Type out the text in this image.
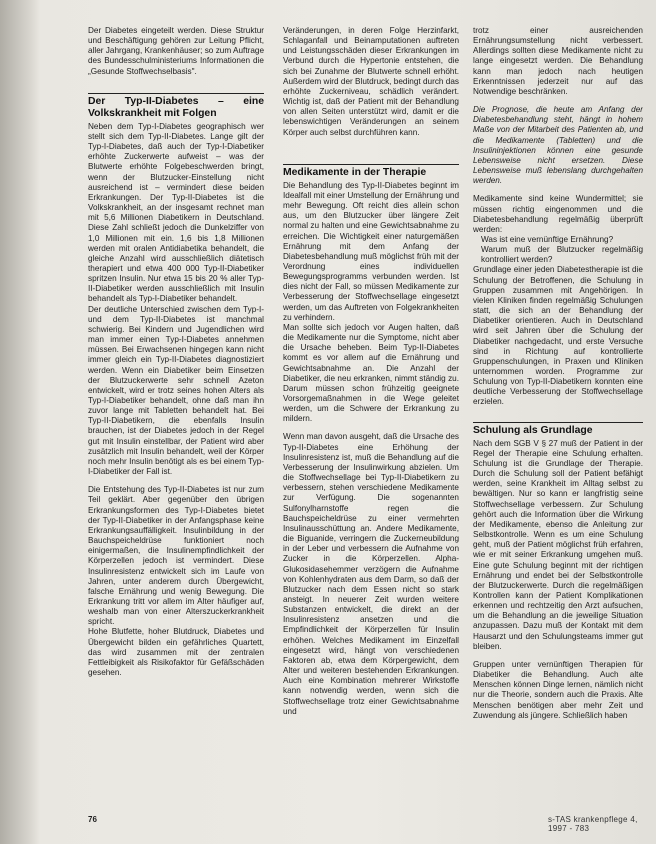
Der Diabetes eingeteilt werden. Diese Struktur und Beschäftigung gehören zur Leitung Pflicht, aller Jahrgang, Krankenhäuser; so zum Auftrage des Bundesschulministeriums Informationen die „Gesunde Stoffwechselbasis".

Der Typ-II-Diabetes – eine Volkskrankheit mit Folgen

Neben dem Typ-I-Diabetes geographisch wer stellt sich dem Typ-II-Diabetes. Lange gilt der Typ-I-Diabetes, daß auch der Typ-I-Diabetiker erhöhte Zuckerwerte aufweist – was der Blutwerte erhöhte Folgebeschwerden bringt, wenn der Blutzucker-Einstellung nicht ausreichend ist – vermindert diese beiden Erkrankungen. Der Typ-II-Diabetes ist die Volkskrankheit, an der insgesamt rechnet man mit 5,6 Millionen Diabetikern in Deutschland. Diese Zahl schließt jedoch die Dunkelziffer von 1,0 Millionen mit ein. 1,6 bis 1,8 Millionen werden mit oralen Antidiabetika behandelt, die gleiche Anzahl wird ausschließlich diätetisch therapiert und etwa 400 000 Typ-II-Diabetiker spritzen Insulin. Nur etwa 15 bis 20 % aller Typ-II-Diabetiker werden ausschließlich mit Insulin behandelt als Typ-I-Diabetiker behandelt.

Der deutliche Unterschied zwischen dem Typ-I- und dem Typ-II-Diabetes ist manchmal schwierig. Bei Kindern und Jugendlichen wird man immer einen Typ-I-Diabetes annehmen müssen. Bei Erwachsenen hingegen kann nicht immer gleich ein Typ-II-Diabetes diagnostiziert werden. Wenn ein Diabetiker beim Einsetzen der Blutzuckerwerte sehr schnell Azeton entwickelt, wird er trotz seines hohen Alters als Typ-I-Diabetiker behandelt, ohne daß man ihn zuvor lange mit Tabletten behandelt hat. Bei Typ-II-Diabetikern, die ebenfalls Insulin brauchen, ist der Diabetes jedoch in der Regel gut mit Insulin einstellbar, der Patient wird aber zusätzlich mit Insulin behandelt, weil der Körper noch mehr Insulin benötigt als es bei einem Typ-I-Diabetiker der Fall ist.

Die Entstehung des Typ-II-Diabetes ist nur zum Teil geklärt. Aber gegenüber den übrigen Erkrankungsformen des Typ-I-Diabetes bietet der Typ-II-Diabetiker in der Anfangsphase keine Erkrankungsauffälligkeit. Insulinbildung in der Bauchspeicheldrüse funktioniert noch einigermaßen, die Insulinempfindlichkeit der Körperzellen jedoch ist vermindert. Diese Insulinresistenz entwickelt sich im Laufe von Jahren, unter anderem durch Übergewicht, falsche Ernährung und wenig Bewegung. Die Erkrankung tritt vor allem im Alter häufiger auf, weshalb man von einer Alterszuckerkrankheit spricht.

Hohe Blutfette, hoher Blutdruck, Diabetes und Übergewicht bilden ein gefährliches Quartett, das wird zusammen mit der zentralen Fettleibigkeit als Risikofaktor für Gefäßschäden gesehen.

Veränderungen, in deren Folge Herzinfarkt, Schlaganfall und Beinamputationen auftreten und Leistungsschäden dieser Erkrankungen im Verbund durch die Hypertonie entstehen, die sich bei Zunahme der Blutwerte schnell erhöht. Außerdem wird der Blutdruck, bedingt durch das erhöhte Zuckerniveau, schädlich verändert. Wichtig ist, daß der Patient mit der Behandlung von allen Seiten unterstützt wird, damit er die lebenswichtigen Veränderungen an seinem Körper auch selbst durchführen kann.

Medikamente in der Therapie

Die Behandlung des Typ-II-Diabetes beginnt im Idealfall mit einer Umstellung der Ernährung und mehr Bewegung. Oft reicht dies allein schon aus, um den Blutzucker über längere Zeit normal zu halten und eine Gewichtsabnahme zu erreichen. Die Wichtigkeit einer naturgemäßen Ernährung mit dem Anfang der Diabetesbehandlung muß möglichst früh mit der Verordnung eines individuellen Bewegungsprogramms verbunden werden. Ist dies nicht der Fall, so müssen Medikamente zur Verbesserung der Stoffwechsellage eingesetzt werden, um das Auftreten von Folgekrankheiten zu verhindern.

Man sollte sich jedoch vor Augen halten, daß die Medikamente nur die Symptome, nicht aber die Ursache beheben. Beim Typ-II-Diabetes kommt es vor allem auf die Ernährung und Gewichtsabnahme an. Die Anzahl der Diabetiker, die neu erkranken, nimmt ständig zu. Darum müssen schon frühzeitig geeignete Vorsorgemaßnahmen in die Wege geleitet werden, um die Schwere der Erkrankung zu mildern.

Wenn man davon ausgeht, daß die Ursache des Typ-II-Diabetes eine Erhöhung der Insulinresistenz ist, muß die Behandlung auf die Verbesserung der Insulinwirkung abzielen. Um die Stoffwechsellage bei Typ-II-Diabetikern zu verbessern, stehen verschiedene Medikamente zur Verfügung. Die sogenannten Sulfonylharnstoffe regen die Bauchspeicheldrüse zu einer vermehrten Insulinausschüttung an. Andere Medikamente, die Biguanide, verringern die Zuckerneubildung in der Leber und verbessern die Aufnahme von Zucker in die Körperzellen. Alpha-Glukosidasehemmer verzögern die Aufnahme von Kohlenhydraten aus dem Darm, so daß der Blutzucker nach dem Essen nicht so stark ansteigt. In neuerer Zeit wurden weitere Substanzen entwickelt, die direkt an der Insulinresistenz ansetzen und die Empfindlichkeit der Körperzellen für Insulin erhöhen. Welches Medikament im Einzelfall eingesetzt wird, hängt von verschiedenen Faktoren ab, etwa dem Körpergewicht, dem Alter und weiteren bestehenden Erkrankungen. Auch eine Kombination mehrerer Wirkstoffe kann notwendig werden, wenn sich die Stoffwechsellage trotz einer Gewichtsabnahme und

trotz einer ausreichenden Ernährungsumstellung nicht verbessert. Allerdings sollten diese Medikamente nicht zu lange eingesetzt werden. Die Behandlung kann man jedoch nach heutigen Erkenntnissen jederzeit nur auf das Notwendige beschränken.

Die Prognose, die heute am Anfang der Diabetesbehandlung steht, hängt in hohem Maße von der Mitarbeit des Patienten ab, und die Medikamente (Tabletten) und die Insulininjektionen können eine gesunde Lebensweise nicht ersetzen. Diese Lebensweise muß lebenslang durchgehalten werden.

Medikamente sind keine Wundermittel; sie müssen richtig eingenommen und die Diabetesbehandlung regelmäßig überprüft werden:

Was ist eine vernünftige Ernährung?

Warum muß der Blutzucker regelmäßig kontrolliert werden?

Grundlage einer jeden Diabetestherapie ist die Schulung der Betroffenen, die Schulung in Gruppen zusammen mit Angehörigen. In vielen Kliniken finden regelmäßig Schulungen statt, die sich an der Behandlung der Diabetiker orientieren. Auch in Deutschland wird seit Jahren über die Schulung der Diabetiker nachgedacht, und erste Versuche sind in Richtung auf kontrollierte Gruppenschulungen, in Praxen und Kliniken unternommen worden. Programme zur Schulung von Typ-II-Diabetikern konnten eine deutliche Verbesserung der Stoffwechsellage erzielen.

Schulung als Grundlage

Nach dem SGB V § 27 muß der Patient in der Regel der Therapie eine Schulung erhalten. Schulung ist die Grundlage der Therapie. Durch die Schulung soll der Patient befähigt werden, seine Krankheit im Alltag selbst zu bewältigen. Nur so kann er langfristig seine Stoffwechsellage verbessern. Zur Schulung gehört auch die Information über die Wirkung der Medikamente, ebenso die Anleitung zur Selbstkontrolle. Wenn es um eine Schulung geht, muß der Patient möglichst früh erfahren, wie er mit seiner Erkrankung umgehen muß. Eine gute Schulung beginnt mit der richtigen Ernährung und endet bei der Selbstkontrolle der Blutzuckerwerte. Durch die regelmäßigen Kontrollen kann der Patient Komplikationen erkennen und rechtzeitig den Arzt aufsuchen, um die Behandlung an die jeweilige Situation anzupassen. Dazu muß der Kontakt mit dem Hausarzt und den Schulungsteams immer gut bleiben.

Gruppen unter vernünftigen Therapien für Diabetiker die Behandlung. Auch alte Menschen können Dinge lernen, nämlich nicht nur die Theorie, sondern auch die Praxis. Alte Menschen benötigen aber mehr Zeit und Zuwendung als jüngere. Schließlich haben

76	s-TAS krankenpflege 4, 1997 - 783
